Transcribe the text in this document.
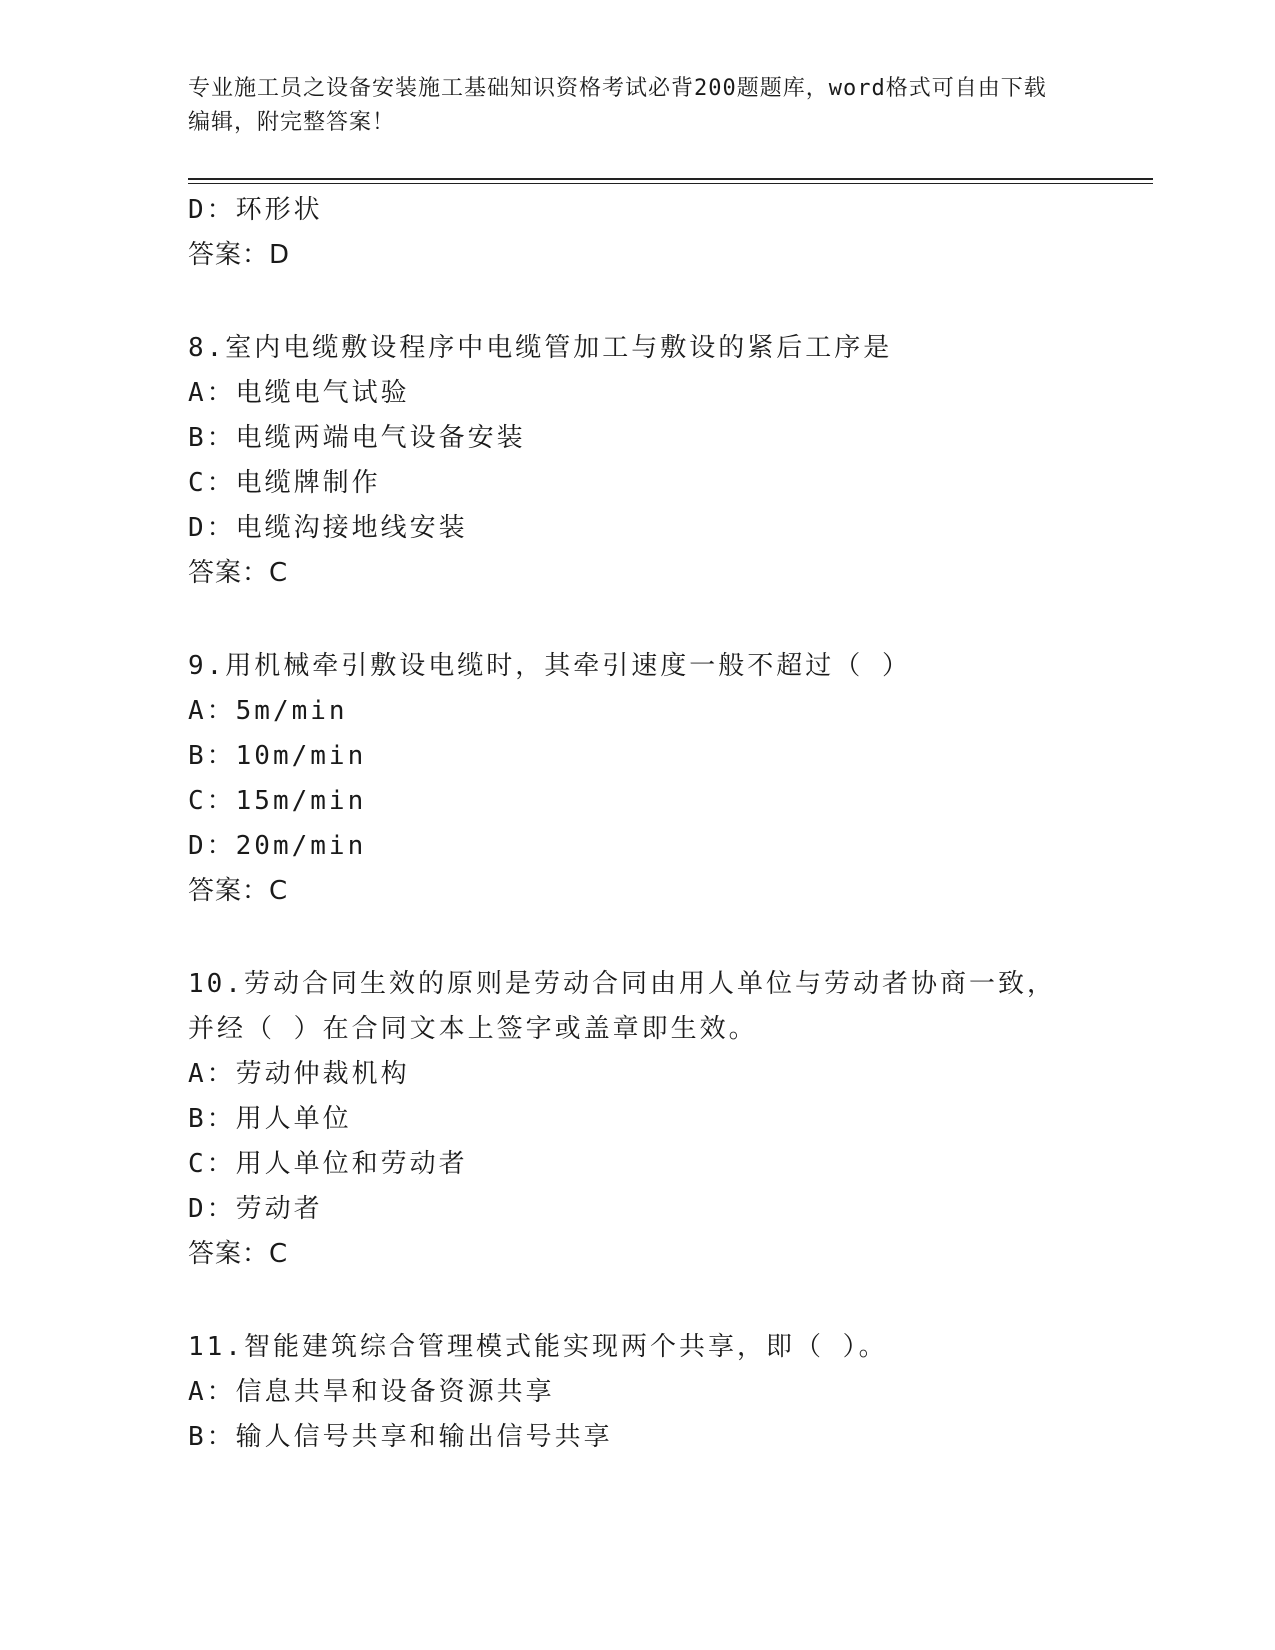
专业施工员之设备安装施工基础知识资格考试必背200题题库，word格式可自由下载编辑，附完整答案！
D：环形状
答案：D
8.室内电缆敷设程序中电缆管加工与敷设的紧后工序是
A：电缆电气试验
B：电缆两端电气设备安装
C：电缆牌制作
D：电缆沟接地线安装
答案：C
9.用机械牵引敷设电缆时，其牵引速度一般不超过（ ）
A：5m/min
B：10m/min
C：15m/min
D：20m/min
答案：C
10.劳动合同生效的原则是劳动合同由用人单位与劳动者协商一致，并经（ ）在合同文本上签字或盖章即生效。
A：劳动仲裁机构
B：用人单位
C：用人单位和劳动者
D：劳动者
答案：C
11.智能建筑综合管理模式能实现两个共享，即（ ）。
A：信息共旱和设备资源共享
B：输人信号共享和输出信号共享
